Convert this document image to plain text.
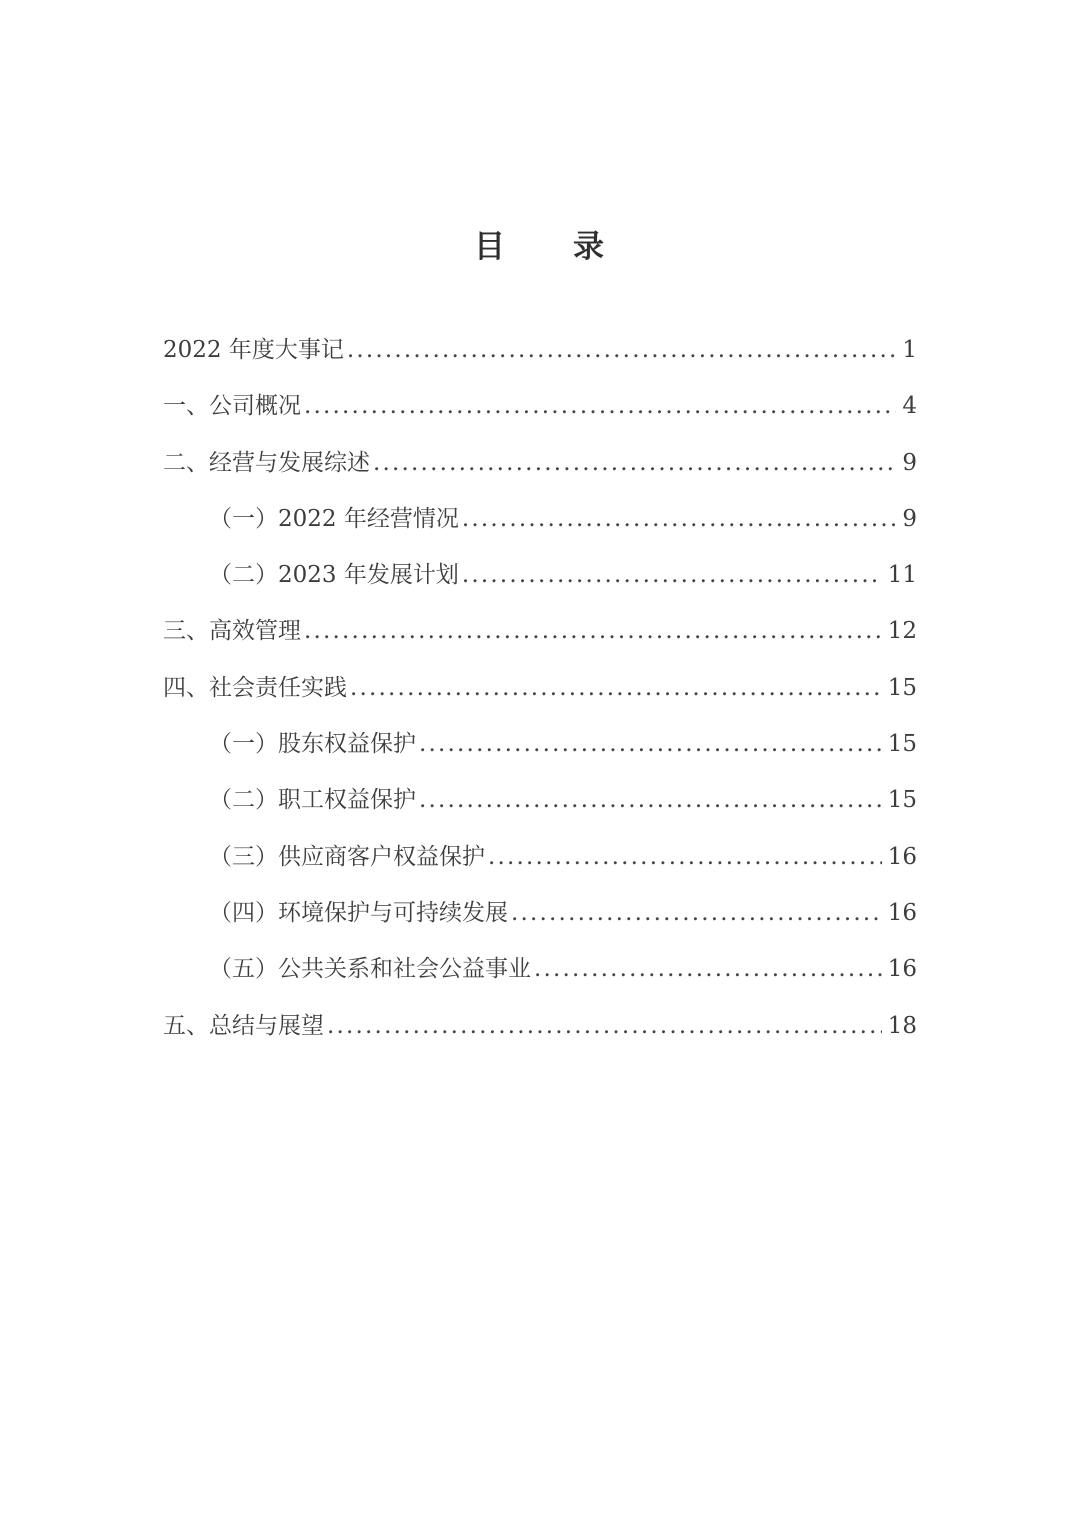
目　　录
2022 年度大事记 .....	1
一、公司概况 .....	4
二、经营与发展综述 .....	9
（一）2022 年经营情况 .....	9
（二）2023 年发展计划 .....	11
三、高效管理 .....	12
四、社会责任实践 .....	15
（一）股东权益保护 .....	15
（二）职工权益保护 .....	15
（三）供应商客户权益保护 .....	16
（四）环境保护与可持续发展 .....	16
（五）公共关系和社会公益事业 .....	16
五、总结与展望 .....	18
